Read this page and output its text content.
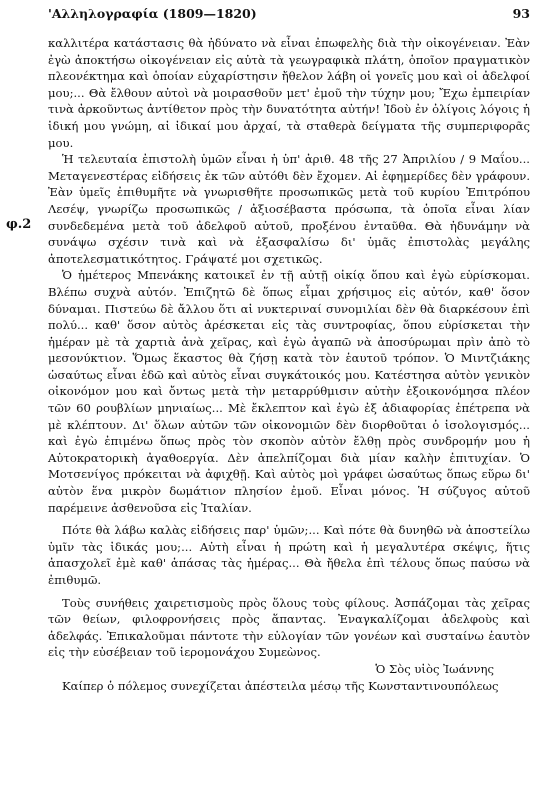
'Αλληλογραφία (1809—1820)	93
φ.2

καλλιτέρα κατάστασις θὰ ἠδύνατο νὰ εἶναι ἐπωφελὴς διὰ τὴν οἰκογένειαν. Ἐὰν ἐγὼ ἀποκτήσω οἰκογένειαν εἰς αὐτὰ τὰ γεωγραφικὰ πλάτη, ὁποῖον πραγματικὸν πλεονέκτημα καὶ ὁποίαν εὐχαρίστησιν ἤθελον λάβη οἱ γονεῖς μου καὶ οἱ ἀδελφοί μου;... Θὰ ἔλθουν αὐτοὶ νὰ μοιρασθοῦν μετ' ἐμοῦ τὴν τύχην μου; Ἔχω ἐμπειρίαν τινὰ ἀρκοῦντως ἀντίθετον πρὸς τὴν δυνατότητα αὐτήν! Ἰδοὺ ἐν ὀλίγοις λόγοις ἡ ἰδική μου γνώμη, αἱ ἰδικαί μου ἀρχαί, τὰ σταθερὰ δείγματα τῆς συμπεριφορᾶς μου.

Ἡ τελευταία ἐπιστολὴ ὑμῶν εἶναι ἡ ὑπ' ἀριθ. 48 τῆς 27 Ἀπριλίου / 9 Μαΐου... Μεταγενεστέρας εἰδήσεις ἐκ τῶν αὐτόθι δὲν ἔχομεν. Αἱ ἐφημερίδες δὲν γράφουν. Ἐὰν ὑμεῖς ἐπιθυμῆτε νὰ γνωρισθῆτε προσωπικῶς μετὰ τοῦ κυρίου Ἐπιτρόπου Λεσέψ, γνωρίζω προσωπικῶς / ἀξιοσέβαστα πρόσωπα, τὰ ὁποῖα εἶναι λίαν συνδεδεμένα μετὰ τοῦ ἀδελφοῦ αὐτοῦ, προξένου ἐνταῦθα. Θὰ ἠδυνάμην νὰ συνάψω σχέσιν τινὰ καὶ νὰ ἐξασφαλίσω δι' ὑμᾶς ἐπιστολὰς μεγάλης ἀποτελεσματικότητος. Γράψατέ μοι σχετικῶς.

Ὁ ἡμέτερος Μπενάκης κατοικεῖ ἐν τῇ αὐτῇ οἰκίᾳ ὅπου καὶ ἐγὼ εὑρίσκομαι. Βλέπω συχνὰ αὐτόν. Ἐπιζητῶ δὲ ὅπως εἶμαι χρήσιμος εἰς αὐτόν, καθ' ὅσον δύναμαι. Πιστεύω δὲ ἄλλου ὅτι αἱ νυκτεριναί συνομιλίαι δὲν θὰ διαρκέσουν ἐπὶ πολύ... καθ' ὅσον αὐτὸς ἀρέσκεται εἰς τὰς συντροφίας, ὅπου εὑρίσκεται τὴν ἡμέραν μὲ τὰ χαρτιὰ ἀνὰ χεῖρας, καὶ ἐγὼ ἀγαπῶ νὰ ἀποσύρωμαι πρὶν ἀπὸ τὸ μεσονύκτιον. Ὅμως ἕκαστος θὰ ζήσῃ κατὰ τὸν ἑαυτοῦ τρόπον. Ὁ Μιντζιάκης ὡσαύτως εἶναι ἐδῶ καὶ αὐτὸς εἶναι συγκάτοικός μου. Κατέστησα αὐτὸν γενικὸν οἰκονόμον μου καὶ ὄντως μετὰ τὴν μεταρρύθμισιν αὐτὴν ἐξοικονόμησα πλέον τῶν 60 ρουβλίων μηνιαίως... Μὲ ἔκλεπτον καὶ ἐγὼ ἐξ ἀδιαφορίας ἐπέτρεπα νὰ μὲ κλέπτουν. Δι' ὅλων αὐτῶν τῶν οἰκονομιῶν δὲν διορθοῦται ὁ ἰσολογισμός... καὶ ἐγὼ ἐπιμένω ὅπως πρὸς τὸν σκοπὸν αὐτὸν ἔλθῃ πρὸς συνδρομήν μου ἡ Αὐτοκρατορικὴ ἀγαθοεργία. Δὲν ἀπελπίζομαι διὰ μίαν καλὴν ἐπιτυχίαν. Ὁ Μοτσενίγος πρόκειται νὰ ἀφιχθῇ. Καὶ αὐτὸς μοὶ γράφει ὡσαύτως ὅπως εὕρω δι' αὐτὸν ἕνα μικρὸν δωμάτιον πλησίον ἐμοῦ. Εἶναι μόνος. Ἡ σύζυγος αὐτοῦ παρέμεινε ἀσθενοῦσα εἰς Ἰταλίαν.

Πότε θὰ λάβω καλὰς εἰδήσεις παρ' ὑμῶν;... Καὶ πότε θὰ δυνηθῶ νὰ ἀποστείλω ὑμῖν τὰς ἰδικάς μου;... Αὐτὴ εἶναι ἡ πρώτη καὶ ἡ μεγαλυτέρα σκέψις, ἥτις ἀπασχολεῖ ἐμὲ καθ' ἁπάσας τὰς ἡμέρας... Θὰ ἤθελα ἐπὶ τέλους ὅπως παύσω νὰ ἐπιθυμῶ.

Τοὺς συνήθεις χαιρετισμοὺς πρὸς ὅλους τοὺς φίλους. Ἀσπάζομαι τὰς χεῖρας τῶν θείων, φιλοφρονήσεις πρὸς ἅπαντας. Ἐναγκαλίζομαι ἀδελφοὺς καὶ ἀδελφάς. Ἐπικαλοῦμαι πάντοτε τὴν εὐλογίαν τῶν γονέων καὶ συσταίνω ἑαυτὸν εἰς τὴν εὐσέβειαν τοῦ ἱερομονάχου Συμεὼνος.

Ὁ Σὸς υἱὸς Ἰωάννης

Καίπερ ὁ πόλεμος συνεχίζεται ἀπέστειλα μέσῳ τῆς Κωνσταντινουπόλεως
